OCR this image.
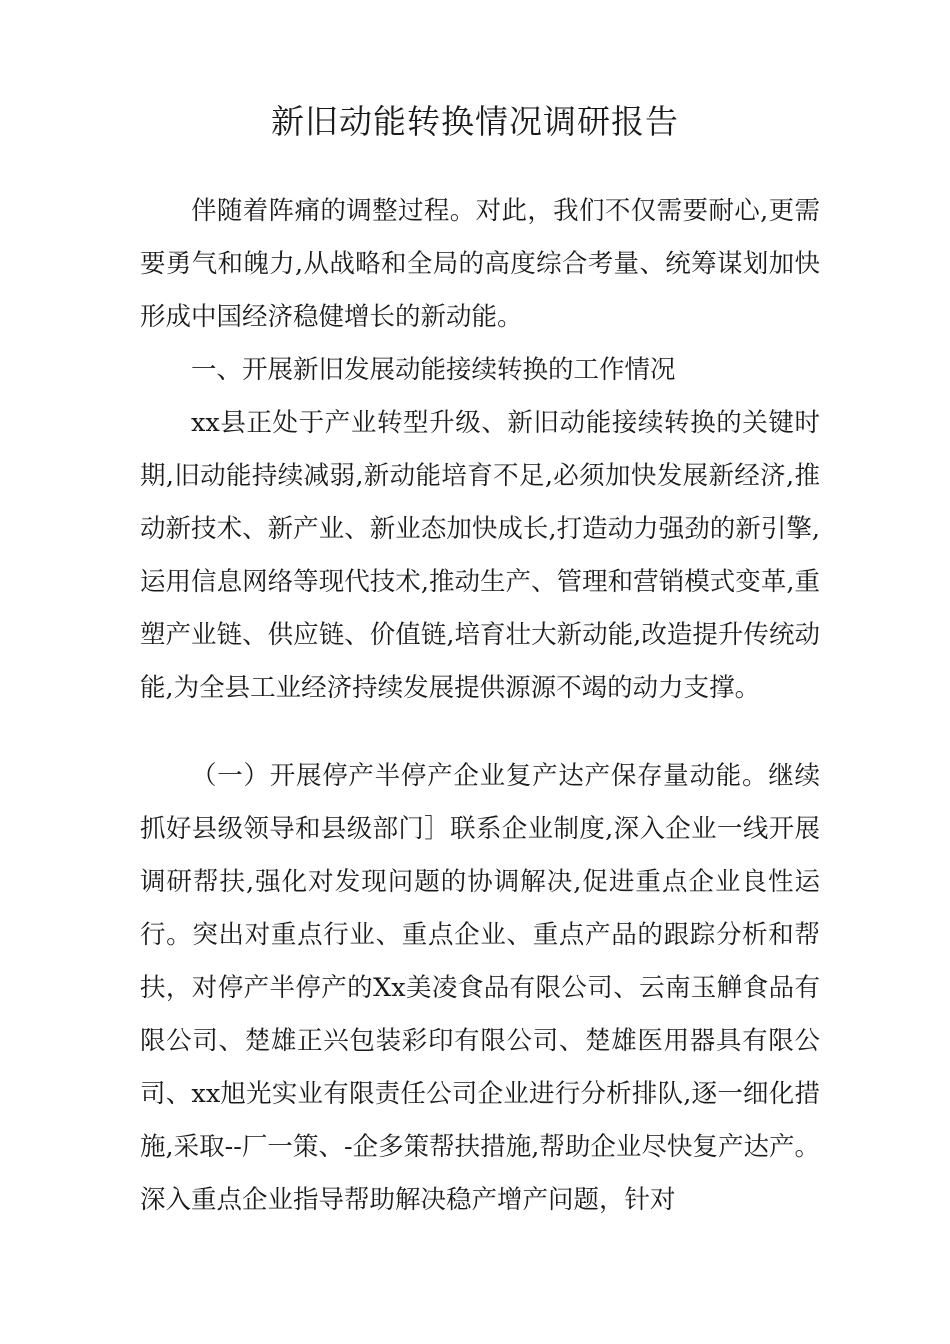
新旧动能转换情况调研报告

伴随着阵痛的调整过程。对此，我们不仅需要耐心,更需要勇气和魄力,从战略和全局的高度综合考量、统筹谋划加快形成中国经济稳健增长的新动能。

一、开展新旧发展动能接续转换的工作情况

xx县正处于产业转型升级、新旧动能接续转换的关键时期,旧动能持续减弱,新动能培育不足,必须加快发展新经济,推动新技术、新产业、新业态加快成长,打造动力强劲的新引擎,运用信息网络等现代技术,推动生产、管理和营销模式变革,重塑产业链、供应链、价值链,培育壮大新动能,改造提升传统动能,为全县工业经济持续发展提供源源不竭的动力支撑。

（一）开展停产半停产企业复产达产保存量动能。继续抓好县级领导和县级部门］联系企业制度,深入企业一线开展调研帮扶,强化对发现问题的协调解决,促进重点企业良性运行。突出对重点行业、重点企业、重点产品的跟踪分析和帮扶，对停产半停产的Xx美凌食品有限公司、云南玉觯食品有限公司、楚雄正兴包装彩印有限公司、楚雄医用器具有限公司、xx旭光实业有限责任公司企业进行分析排队,逐一细化措施,采取--厂一策、-企多策帮扶措施,帮助企业尽快复产达产。深入重点企业指导帮助解决稳产增产问题，针对
